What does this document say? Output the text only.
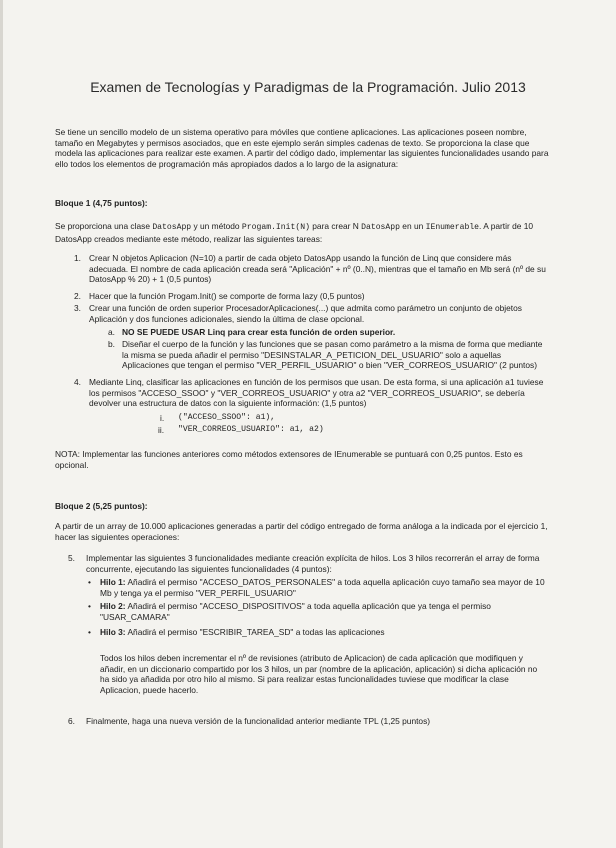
Examen de Tecnologías y Paradigmas de la Programación. Julio 2013

Se tiene un sencillo modelo de un sistema operativo para móviles que contiene aplicaciones. Las aplicaciones poseen nombre, tamaño en Megabytes y permisos asociados, que en este ejemplo serán simples cadenas de texto. Se proporciona la clase que modela las aplicaciones para realizar este examen. A partir del código dado, implementar las siguientes funcionalidades usando para ello todos los elementos de programación más apropiados dados a lo largo de la asignatura:

Bloque 1 (4,75 puntos):

Se proporciona una clase DatosApp y un método Progam.Init(N) para crear N DatosApp en un IEnumerable. A partir de 10 DatosApp creados mediante este método, realizar las siguientes tareas:

1. Crear N objetos Aplicacion (N=10) a partir de cada objeto DatosApp usando la función de Linq que considere más adecuada. El nombre de cada aplicación creada será "Aplicación" + nº (0..N), mientras que el tamaño en Mb será (nº de su DatosApp % 20) + 1 (0,5 puntos)

2. Hacer que la función Progam.Init() se comporte de forma lazy (0,5 puntos)

3. Crear una función de orden superior ProcesadorAplicaciones(...) que admita como parámetro un conjunto de objetos Aplicación y dos funciones adicionales, siendo la última de clase opcional.

a. NO SE PUEDE USAR Linq para crear esta función de orden superior.

b. Diseñar el cuerpo de la función y las funciones que se pasan como parámetro a la misma de forma que mediante la misma se pueda añadir el permiso "DESINSTALAR_A_PETICION_DEL_USUARIO" solo a aquellas Aplicaciones que tengan el permiso "VER_PERFIL_USUARIO" o bien "VER_CORREOS_USUARIO" (2 puntos)

4. Mediante Linq, clasificar las aplicaciones en función de los permisos que usan. De esta forma, si una aplicación a1 tuviese los permisos "ACCESO_SSOO" y "VER_CORREOS_USUARIO" y otra a2 "VER_CORREOS_USUARIO", se debería devolver una estructura de datos con la siguiente información: (1,5 puntos)

i. ("ACCESO_SSOO": a1),

ii. "VER_CORREOS_USUARIO": a1, a2)

NOTA: Implementar las funciones anteriores como métodos extensores de IEnumerable se puntuará con 0,25 puntos. Esto es opcional.

Bloque 2 (5,25 puntos):

A partir de un array de 10.000 aplicaciones generadas a partir del código entregado de forma análoga a la indicada por el ejercicio 1, hacer las siguientes operaciones:

5. Implementar las siguientes 3 funcionalidades mediante creación explícita de hilos. Los 3 hilos recorrerán el array de forma concurrente, ejecutando las siguientes funcionalidades (4 puntos):

• Hilo 1: Añadirá el permiso "ACCESO_DATOS_PERSONALES" a toda aquella aplicación cuyo tamaño sea mayor de 10 Mb y tenga ya el permiso "VER_PERFIL_USUARIO"

• Hilo 2: Añadirá el permiso "ACCESO_DISPOSITIVOS" a toda aquella aplicación que ya tenga el permiso "USAR_CAMARA"

• Hilo 3: Añadirá el permiso "ESCRIBIR_TAREA_SD" a todas las aplicaciones

Todos los hilos deben incrementar el nº de revisiones (atributo de Aplicacion) de cada aplicación que modifiquen y añadir, en un diccionario compartido por los 3 hilos, un par (nombre de la aplicación, aplicación) si dicha aplicación no ha sido ya añadida por otro hilo al mismo. Si para realizar estas funcionalidades tuviese que modificar la clase Aplicacion, puede hacerlo.

6. Finalmente, haga una nueva versión de la funcionalidad anterior mediante TPL (1,25 puntos)
